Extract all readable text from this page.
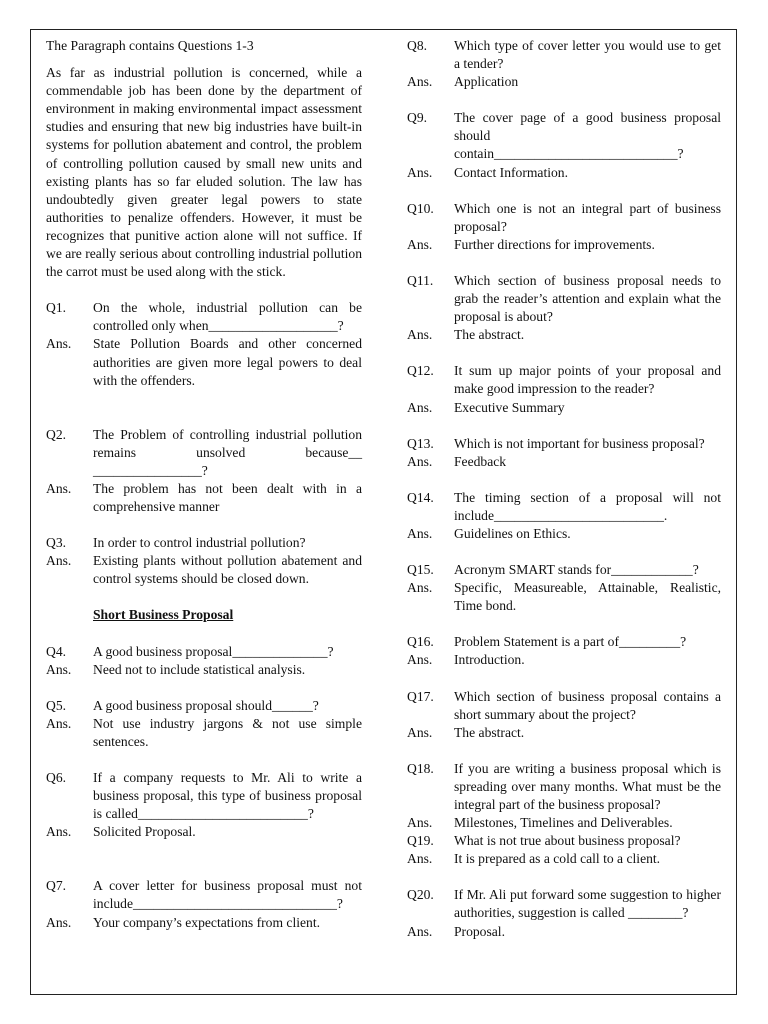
The Paragraph contains Questions 1-3

As far as industrial pollution is concerned, while a commendable job has been done by the department of environment in making environmental impact assessment studies and ensuring that new big industries have built-in systems for pollution abatement and control, the problem of controlling pollution caused by small new units and existing plants has so far eluded solution. The law has undoubtedly given greater legal powers to state authorities to penalize offenders. However, it must be recognizes that punitive action alone will not suffice. If we are really serious about controlling industrial pollution the carrot must be used along with the stick.

Q1.	On the whole, industrial pollution can be controlled only when___________________?
Ans.	State Pollution Boards and other concerned authorities are given more legal powers to deal with the offenders.
Q2.	The Problem of controlling industrial pollution remains unsolved because__ ________________?
Ans.	The problem has not been dealt with in a comprehensive manner
Q3.	In order to control industrial pollution?
Ans.	Existing plants without pollution abatement and control systems should be closed down.

Short Business Proposal

Q4.	A good business proposal______________?
Ans.	Need not to include statistical analysis.
Q5.	A good business proposal should______?
Ans.	Not use industry jargons & not use simple sentences.
Q6.	If a company requests to Mr. Ali to write a business proposal, this type of business proposal is called_________________________?
Ans.	Solicited Proposal.
Q7.	A cover letter for business proposal must not include______________________________?
Ans.	Your company’s expectations from client.
Q8.	Which type of cover letter you would use to get a tender?
Ans.	Application
Q9.	The cover page of a good business proposal should contain___________________________?
Ans.	Contact Information.
Q10.	Which one is not an integral part of business proposal?
Ans.	Further directions for improvements.
Q11.	Which section of business proposal needs to grab the reader’s attention and explain what the proposal is about?
Ans.	The abstract.
Q12.	It sum up major points of your proposal and make good impression to the reader?
Ans.	Executive Summary
Q13.	Which is not important for business proposal?
Ans.	Feedback
Q14.	The timing section of a proposal will not include_________________________.
Ans.	Guidelines on Ethics.
Q15.	Acronym SMART stands for____________?
Ans.	Specific, Measureable, Attainable, Realistic, Time bond.
Q16.	Problem Statement is a part of_________?
Ans.	Introduction.
Q17.	Which section of business proposal contains a short summary about the project?
Ans.	The abstract.
Q18.	If you are writing a business proposal which is spreading over many months. What must be the integral part of the business proposal?
Ans.	Milestones, Timelines and Deliverables.
Q19.	What is not true about business proposal?
Ans.	It is prepared as a cold call to a client.
Q20.	If Mr. Ali put forward some suggestion to higher authorities, suggestion is called ________?
Ans.	Proposal.
